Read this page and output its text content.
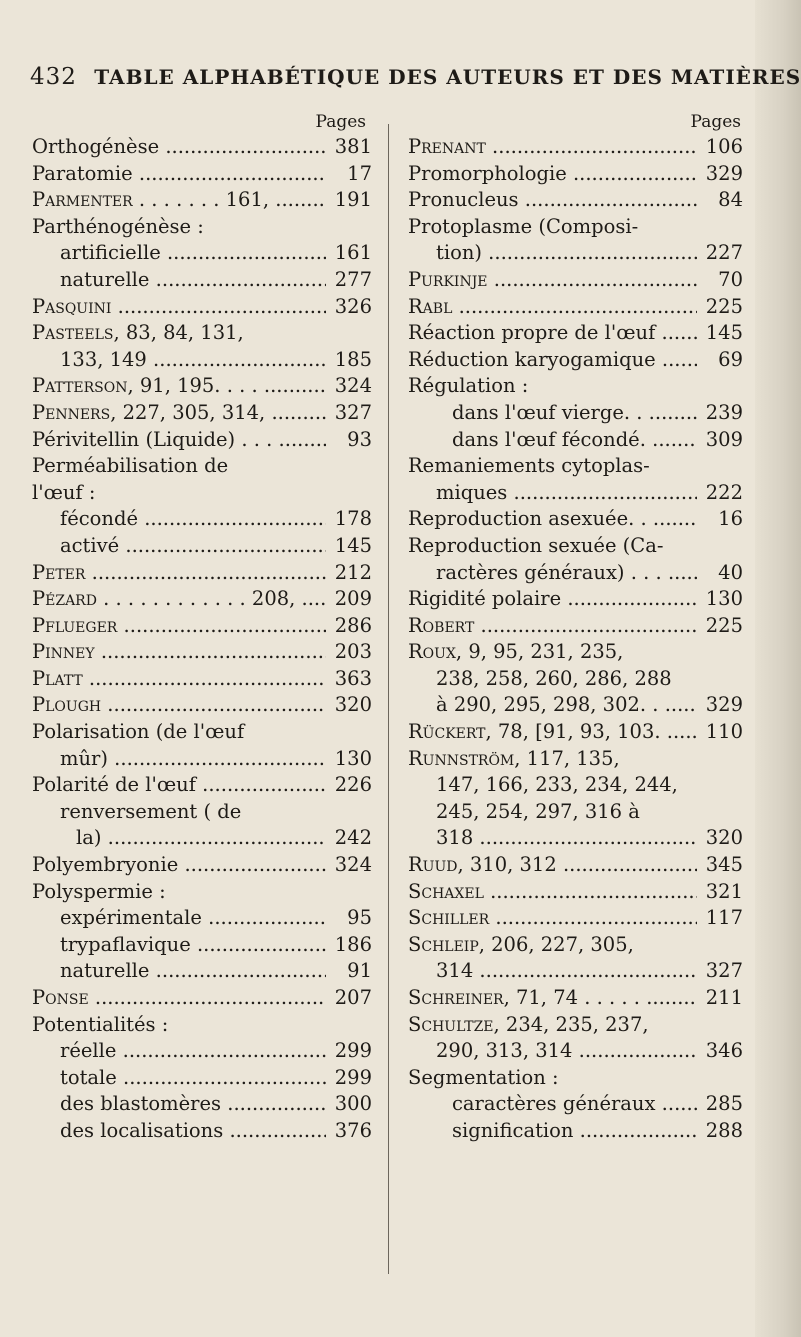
432 TABLE ALPHABÉTIQUE DES AUTEURS ET DES MATIÈRES
Pages
Orthogénèse .....	381
Paratomie .....	17
Parmenter . . . . . . . 161, .....	191
Parthénogénèse :
artificielle .....	161
naturelle .....	277
Pasquini .....	326
Pasteels, 83, 84, 131,
133, 149 .....	185
Patterson, 91, 195. . . . .....	324
Penners, 227, 305, 314, .....	327
Périvitellin (Liquide) . . . .....	93
Perméabilisation de
l'œuf :
fécondé .....	178
activé .....	145
Peter .....	212
Pézard . . . . . . . . . . . . 208, .....	209
Pflueger .....	286
Pinney .....	203
Platt .....	363
Plough .....	320
Polarisation (de l'œuf
mûr) .....	130
Polarité de l'œuf .....	226
renversement ( de
la) .....	242
Polyembryonie .....	324
Polyspermie :
expérimentale .....	95
trypaflavique .....	186
naturelle .....	91
Ponse .....	207
Potentialités :
réelle .....	299
totale .....	299
des blastomères .....	300
des localisations .....	376
Pages
Prenant .....	106
Promorphologie .....	329
Pronucleus .....	84
Protoplasme (Composi-
tion) .....	227
Purkinje .....	70
Rabl .....	225
Réaction propre de l'œuf .....	145
Réduction karyogamique .....	69
Régulation :
dans l'œuf vierge. . .....	239
dans l'œuf fécondé. .....	309
Remaniements cytoplas-
miques .....	222
Reproduction asexuée. . .....	16
Reproduction sexuée (Ca-
ractères généraux) . . . .....	40
Rigidité polaire .....	130
Robert .....	225
Roux, 9, 95, 231, 235,
238, 258, 260, 286, 288
à 290, 295, 298, 302. . .....	329
Rückert, 78, [91, 93, 103. .....	110
Runnström, 117, 135,
147, 166, 233, 234, 244,
245, 254, 297, 316 à
318 .....	320
Ruud, 310, 312 .....	345
Schaxel .....	321
Schiller .....	117
Schleip, 206, 227, 305,
314 .....	327
Schreiner, 71, 74 . . . . . .....	211
Schultze, 234, 235, 237,
290, 313, 314 .....	346
Segmentation :
caractères généraux .....	285
signification .....	288
